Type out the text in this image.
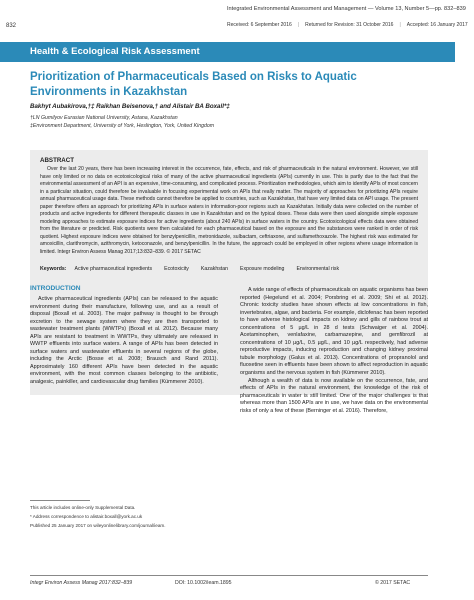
Integrated Environmental Assessment and Management — Volume 13, Number 5—pp. 832–839
832	Received: 6 September 2016 | Returned for Revision: 31 October 2016 | Accepted: 16 January 2017
Health & Ecological Risk Assessment
Prioritization of Pharmaceuticals Based on Risks to Aquatic Environments in Kazakhstan
Bakhyt Aubakirova,†‡ Raikhan Beisenova,† and Alistair BA Boxall*‡
†LN Gumilyov Eurasian National University, Astana, Kazakhstan
‡Environment Department, University of York, Heslington, York, United Kingdom
ABSTRACT
Over the last 20 years, there has been increasing interest in the occurrence, fate, effects, and risk of pharmaceuticals in the natural environment. However, we still have only limited or no data on ecotoxicological risks of many of the active pharmaceutical ingredients (APIs) currently in use. This is partly due to the fact that the environmental assessment of an API is an expensive, time-consuming, and complicated process. Prioritization methodologies, which aim to identify APIs of most concern in a particular situation, could therefore be invaluable in focusing experimental work on APIs that really matter. The majority of approaches for prioritizing APIs require annual pharmaceutical usage data. These methods cannot therefore be applied to countries, such as Kazakhstan, that have very limited data on API usage. The present paper therefore offers an approach for prioritizing APIs in surface waters in information-poor regions such as Kazakhstan. Initially data were collected on the number of products and active ingredients for different therapeutic classes in use in Kazakhstan and on the typical doses. These data were then used alongside simple exposure modeling approaches to estimate exposure indices for active ingredients (about 240 APIs) in surface waters in the country. Ecotoxicological effects data were obtained from the literature or predicted. Risk quotients were then calculated for each pharmaceutical based on the exposure and the substances were ranked in order of risk quotient. Highest exposure indices were obtained for benzylpenicillin, metronidazole, sulbactam, ceftriaxone, and sulfamethoxazole. The highest risk was estimated for amoxicillin, clarithromycin, azithromycin, ketoconazole, and benzylpenicillin. In the future, the approach could be employed in other regions where usage information is limited. Integr Environ Assess Manag 2017;13:832–839. © 2017 SETAC
Keywords: Active pharmaceutical ingredients Ecotoxicity Kazakhstan Exposure modeling Environmental risk
INTRODUCTION

Active pharmaceutical ingredients (APIs) can be released to the aquatic environment during their manufacture, following use, and as a result of disposal (Boxall et al. 2003). The major pathway is thought to be through excretion to the sewage system where they are then transported to wastewater treatment plants (WWTPs) (Boxall et al. 2012). Because many APIs are resistant to treatment in WWTPs, they ultimately are released in WWTP effluents into surface waters. A range of APIs has been detected in surface waters and wastewater effluents in several regions of the globe, including the Arctic (Bosse et al. 2008; Brausch and Rand 2011). Approximately 160 different APIs have been detected in the aquatic environment, with the most common classes belonging to the antibiotic, analgesic, painkiller, and cardiovascular drug families (Kümmerer 2010).

A wide range of effects of pharmaceuticals on aquatic organisms has been reported (Hegelund et al. 2004; Porsbring et al. 2009; Shi et al. 2012). Chronic toxicity studies have shown effects at low concentrations in fish, invertebrates, algae, and bacteria. For example, diclofenac has been reported to have adverse histological impacts on kidney and gills of rainbow trout at concentrations of 5 µg/L in 28 d tests (Schwaiger et al. 2004). Acetaminophen, venlafaxine, carbamazepine, and gemfibrozil at concentrations of 10 µg/L, 0.5 µg/L, and 10 µg/L respectively, had adverse reproductive impacts, inducing reproduction and changing kidney proximal tubule morphology (Galus et al. 2013). Concentrations of propranolol and fluoxetine seen in effluents have been shown to affect reproduction in aquatic organisms and the nervous system in fish (Kümmerer 2010).

Although a wealth of data is now available on the occurrence, fate, and effects of APIs in the natural environment, the knowledge of the risk of pharmaceuticals in water is still limited. One of the major challenges is that whereas more than 1500 APIs are in use, we have data on the environmental risks of only a few of these (Berninger et al. 2016). Therefore,

This article includes online-only Supplemental Data.
* Address correspondence to alistair.boxall@york.ac.uk
Published 25 January 2017 on wileyonlinelibrary.com/journal/ieam.
Integr Environ Assess Manag 2017:832–839	DOI: 10.1002/ieam.1895	© 2017 SETAC
